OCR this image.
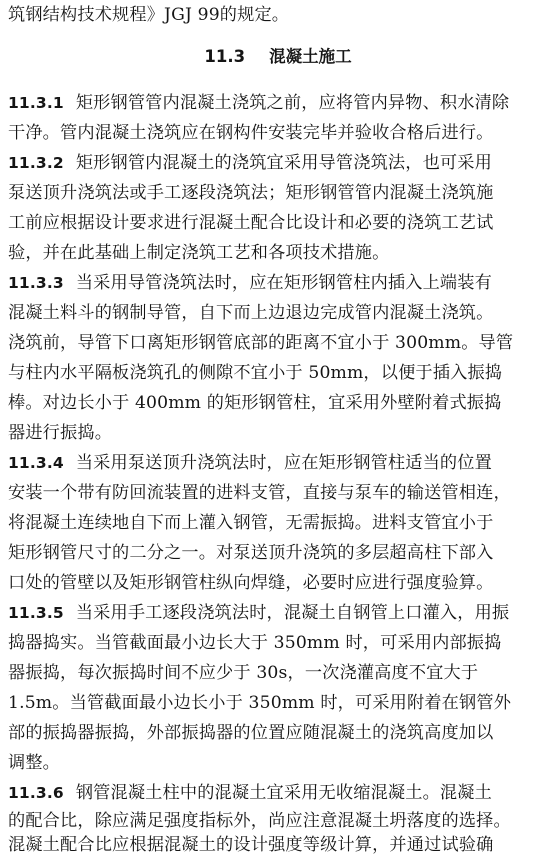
筑钢结构技术规程》JGJ 99的规定。
11.3 混凝土施工
11.3.1 矩形钢管管内混凝土浇筑之前，应将管内异物、积水清除
干净。管内混凝土浇筑应在钢构件安装完毕并验收合格后进行。
11.3.2 矩形钢管内混凝土的浇筑宜采用导管浇筑法，也可采用
泵送顶升浇筑法或手工逐段浇筑法；矩形钢管管内混凝土浇筑施
工前应根据设计要求进行混凝土配合比设计和必要的浇筑工艺试
验，并在此基础上制定浇筑工艺和各项技术措施。
11.3.3 当采用导管浇筑法时，应在矩形钢管柱内插入上端装有
混凝土料斗的钢制导管，自下而上边退边完成管内混凝土浇筑。
浇筑前，导管下口离矩形钢管底部的距离不宜小于 300mm。导管
与柱内水平隔板浇筑孔的侧隙不宜小于 50mm，以便于插入振捣
棒。对边长小于 400mm 的矩形钢管柱，宜采用外壁附着式振捣
器进行振捣。
11.3.4 当采用泵送顶升浇筑法时，应在矩形钢管柱适当的位置
安装一个带有防回流装置的进料支管，直接与泵车的输送管相连，
将混凝土连续地自下而上灌入钢管，无需振捣。进料支管宜小于
矩形钢管尺寸的二分之一。对泵送顶升浇筑的多层超高柱下部入
口处的管壁以及矩形钢管柱纵向焊缝，必要时应进行强度验算。
11.3.5 当采用手工逐段浇筑法时，混凝土自钢管上口灌入，用振
捣器捣实。当管截面最小边长大于 350mm 时，可采用内部振捣
器振捣，每次振捣时间不应少于 30s，一次浇灌高度不宜大于
1.5m。当管截面最小边长小于 350mm 时，可采用附着在钢管外
部的振捣器振捣，外部振捣器的位置应随混凝土的浇筑高度加以
调整。
11.3.6 钢管混凝土柱中的混凝土宜采用无收缩混凝土。混凝土
的配合比，除应满足强度指标外，尚应注意混凝土坍落度的选择。
混凝土配合比应根据混凝土的设计强度等级计算，并通过试验确
